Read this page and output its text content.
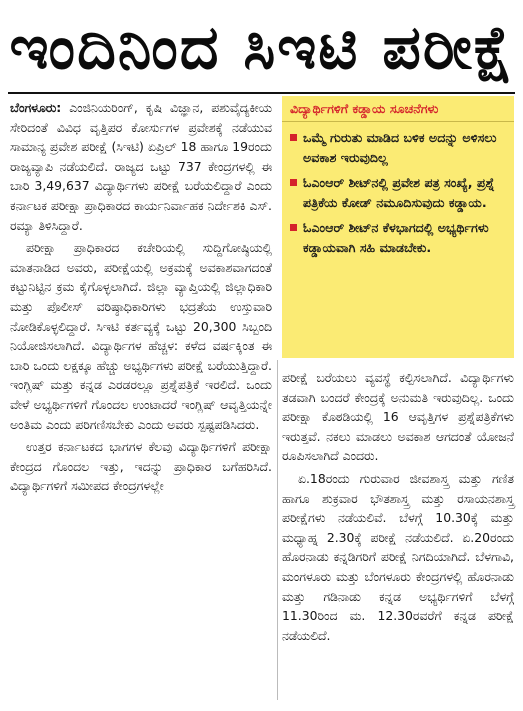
ಇಂದಿನಿಂದ ಸಿಇಟಿ ಪರೀಕ್ಷೆ

ಬೆಂಗಳೂರು: ಎಂಜಿನಿಯರಿಂಗ್, ಕೃಷಿ ವಿಜ್ಞಾನ, ಪಶುವೈದ್ಯಕೀಯ ಸೇರಿದಂತೆ ವಿವಿಧ ವೃತ್ತಿಪರ ಕೋರ್ಸುಗಳ ಪ್ರವೇಶಕ್ಕೆ ನಡೆಯುವ ಸಾಮಾನ್ಯ ಪ್ರವೇಶ ಪರೀಕ್ಷೆ (ಸಿಇಟಿ) ಏಪ್ರಿಲ್ 18 ಹಾಗೂ 19ರಂದು ರಾಜ್ಯವ್ಯಾಪಿ ನಡೆಯಲಿದೆ. ರಾಜ್ಯದ ಒಟ್ಟು 737 ಕೇಂದ್ರಗಳಲ್ಲಿ ಈ ಬಾರಿ 3,49,637 ವಿದ್ಯಾರ್ಥಿಗಳು ಪರೀಕ್ಷೆ ಬರೆಯಲಿದ್ದಾರೆ ಎಂದು ಕರ್ನಾಟಕ ಪರೀಕ್ಷಾ ಪ್ರಾಧಿಕಾರದ ಕಾರ್ಯನಿರ್ವಾಹಕ ನಿರ್ದೇಶಕಿ ಎಸ್. ರಮ್ಯಾ ತಿಳಿಸಿದ್ದಾರೆ.

ಪರೀಕ್ಷಾ ಪ್ರಾಧಿಕಾರದ ಕಚೇರಿಯಲ್ಲಿ ಸುದ್ದಿಗೋಷ್ಠಿಯಲ್ಲಿ ಮಾತನಾಡಿದ ಅವರು, ಪರೀಕ್ಷೆಯಲ್ಲಿ ಅಕ್ರಮಕ್ಕೆ ಅವಕಾಶವಾಗದಂತೆ ಕಟ್ಟುನಿಟ್ಟಿನ ಕ್ರಮ ಕೈಗೊಳ್ಳಲಾಗಿದೆ. ಜಿಲ್ಲಾ ವ್ಯಾಪ್ತಿಯಲ್ಲಿ ಜಿಲ್ಲಾಧಿಕಾರಿ ಮತ್ತು ಪೊಲೀಸ್ ವರಿಷ್ಠಾಧಿಕಾರಿಗಳು ಭದ್ರತೆಯ ಉಸ್ತುವಾರಿ ನೋಡಿಕೊಳ್ಳಲಿದ್ದಾರೆ. ಸಿಇಟಿ ಕರ್ತವ್ಯಕ್ಕೆ ಒಟ್ಟು 20,300 ಸಿಬ್ಬಂದಿ ನಿಯೋಜಿಸಲಾಗಿದೆ. ವಿದ್ಯಾರ್ಥಿಗಳ ಹೆಚ್ಚಳ: ಕಳೆದ ವರ್ಷಕ್ಕಿಂತ ಈ ಬಾರಿ ಒಂದು ಲಕ್ಷಕ್ಕೂ ಹೆಚ್ಚು ಅಭ್ಯರ್ಥಿಗಳು ಪರೀಕ್ಷೆ ಬರೆಯುತ್ತಿದ್ದಾರೆ. ಇಂಗ್ಲಿಷ್ ಮತ್ತು ಕನ್ನಡ ಎರಡರಲ್ಲೂ ಪ್ರಶ್ನೆಪತ್ರಿಕೆ ಇರಲಿದೆ. ಒಂದು ವೇಳೆ ಅಭ್ಯರ್ಥಿಗಳಿಗೆ ಗೊಂದಲ ಉಂಟಾದರೆ ಇಂಗ್ಲಿಷ್ ಆವೃತ್ತಿಯನ್ನೇ ಅಂತಿಮ ಎಂದು ಪರಿಗಣಿಸಬೇಕು ಎಂದು ಅವರು ಸ್ಪಷ್ಟಪಡಿಸಿದರು.

ಉತ್ತರ ಕರ್ನಾಟಕದ ಭಾಗಗಳ ಕೆಲವು ವಿದ್ಯಾರ್ಥಿಗಳಿಗೆ ಪರೀಕ್ಷಾ ಕೇಂದ್ರದ ಗೊಂದಲ ಇತ್ತು, ಇದನ್ನು ಪ್ರಾಧಿಕಾರ ಬಗೆಹರಿಸಿದೆ. ವಿದ್ಯಾರ್ಥಿಗಳಿಗೆ ಸಮೀಪದ ಕೇಂದ್ರಗಳಲ್ಲೇ

ವಿದ್ಯಾರ್ಥಿಗಳಿಗೆ ಕಡ್ಡಾಯ ಸೂಚನೆಗಳು
ಒಮ್ಮೆ ಗುರುತು ಮಾಡಿದ ಬಳಿಕ ಅದನ್ನು ಅಳಿಸಲು ಅವಕಾಶ ಇರುವುದಿಲ್ಲ
ಓಎಂಆರ್ ಶೀಟ್‌ನಲ್ಲಿ ಪ್ರವೇಶ ಪತ್ರ ಸಂಖ್ಯೆ, ಪ್ರಶ್ನೆ ಪತ್ರಿಕೆಯ ಕೋಡ್ ನಮೂದಿಸುವುದು ಕಡ್ಡಾಯ.
ಓಎಂಆರ್ ಶೀಟ್‌ನ ಕೆಳಭಾಗದಲ್ಲಿ ಅಭ್ಯರ್ಥಿಗಳು ಕಡ್ಡಾಯವಾಗಿ ಸಹಿ ಮಾಡಬೇಕು.

ಪರೀಕ್ಷೆ ಬರೆಯಲು ವ್ಯವಸ್ಥೆ ಕಲ್ಪಿಸಲಾಗಿದೆ. ವಿದ್ಯಾರ್ಥಿಗಳು ತಡವಾಗಿ ಬಂದರೆ ಕೇಂದ್ರಕ್ಕೆ ಅನುಮತಿ ಇರುವುದಿಲ್ಲ. ಒಂದು ಪರೀಕ್ಷಾ ಕೊಠಡಿಯಲ್ಲಿ 16 ಆವೃತ್ತಿಗಳ ಪ್ರಶ್ನೆಪತ್ರಿಕೆಗಳು ಇರುತ್ತವೆ. ನಕಲು ಮಾಡಲು ಅವಕಾಶ ಆಗದಂತೆ ಯೋಜನೆ ರೂಪಿಸಲಾಗಿದೆ ಎಂದರು.

ಏ.18ರಂದು ಗುರುವಾರ ಜೀವಶಾಸ್ತ್ರ ಮತ್ತು ಗಣಿತ ಹಾಗೂ ಶುಕ್ರವಾರ ಭೌತಶಾಸ್ತ್ರ ಮತ್ತು ರಸಾಯನಶಾಸ್ತ್ರ ಪರೀಕ್ಷೆಗಳು ನಡೆಯಲಿವೆ. ಬೆಳಗ್ಗೆ 10.30ಕ್ಕೆ ಮತ್ತು ಮಧ್ಯಾಹ್ನ 2.30ಕ್ಕೆ ಪರೀಕ್ಷೆ ನಡೆಯಲಿದೆ. ಏ.20ರಂದು ಹೊರನಾಡು ಕನ್ನಡಿಗರಿಗೆ ಪರೀಕ್ಷೆ ನಿಗದಿಯಾಗಿದೆ. ಬೆಳಗಾವಿ, ಮಂಗಳೂರು ಮತ್ತು ಬೆಂಗಳೂರು ಕೇಂದ್ರಗಳಲ್ಲಿ ಹೊರನಾಡು ಮತ್ತು ಗಡಿನಾಡು ಕನ್ನಡ ಅಭ್ಯರ್ಥಿಗಳಿಗೆ ಬೆಳಗ್ಗೆ 11.30ರಿಂದ ಮ. 12.30ರವರೆಗೆ ಕನ್ನಡ ಪರೀಕ್ಷೆ ನಡೆಯಲಿದೆ.
